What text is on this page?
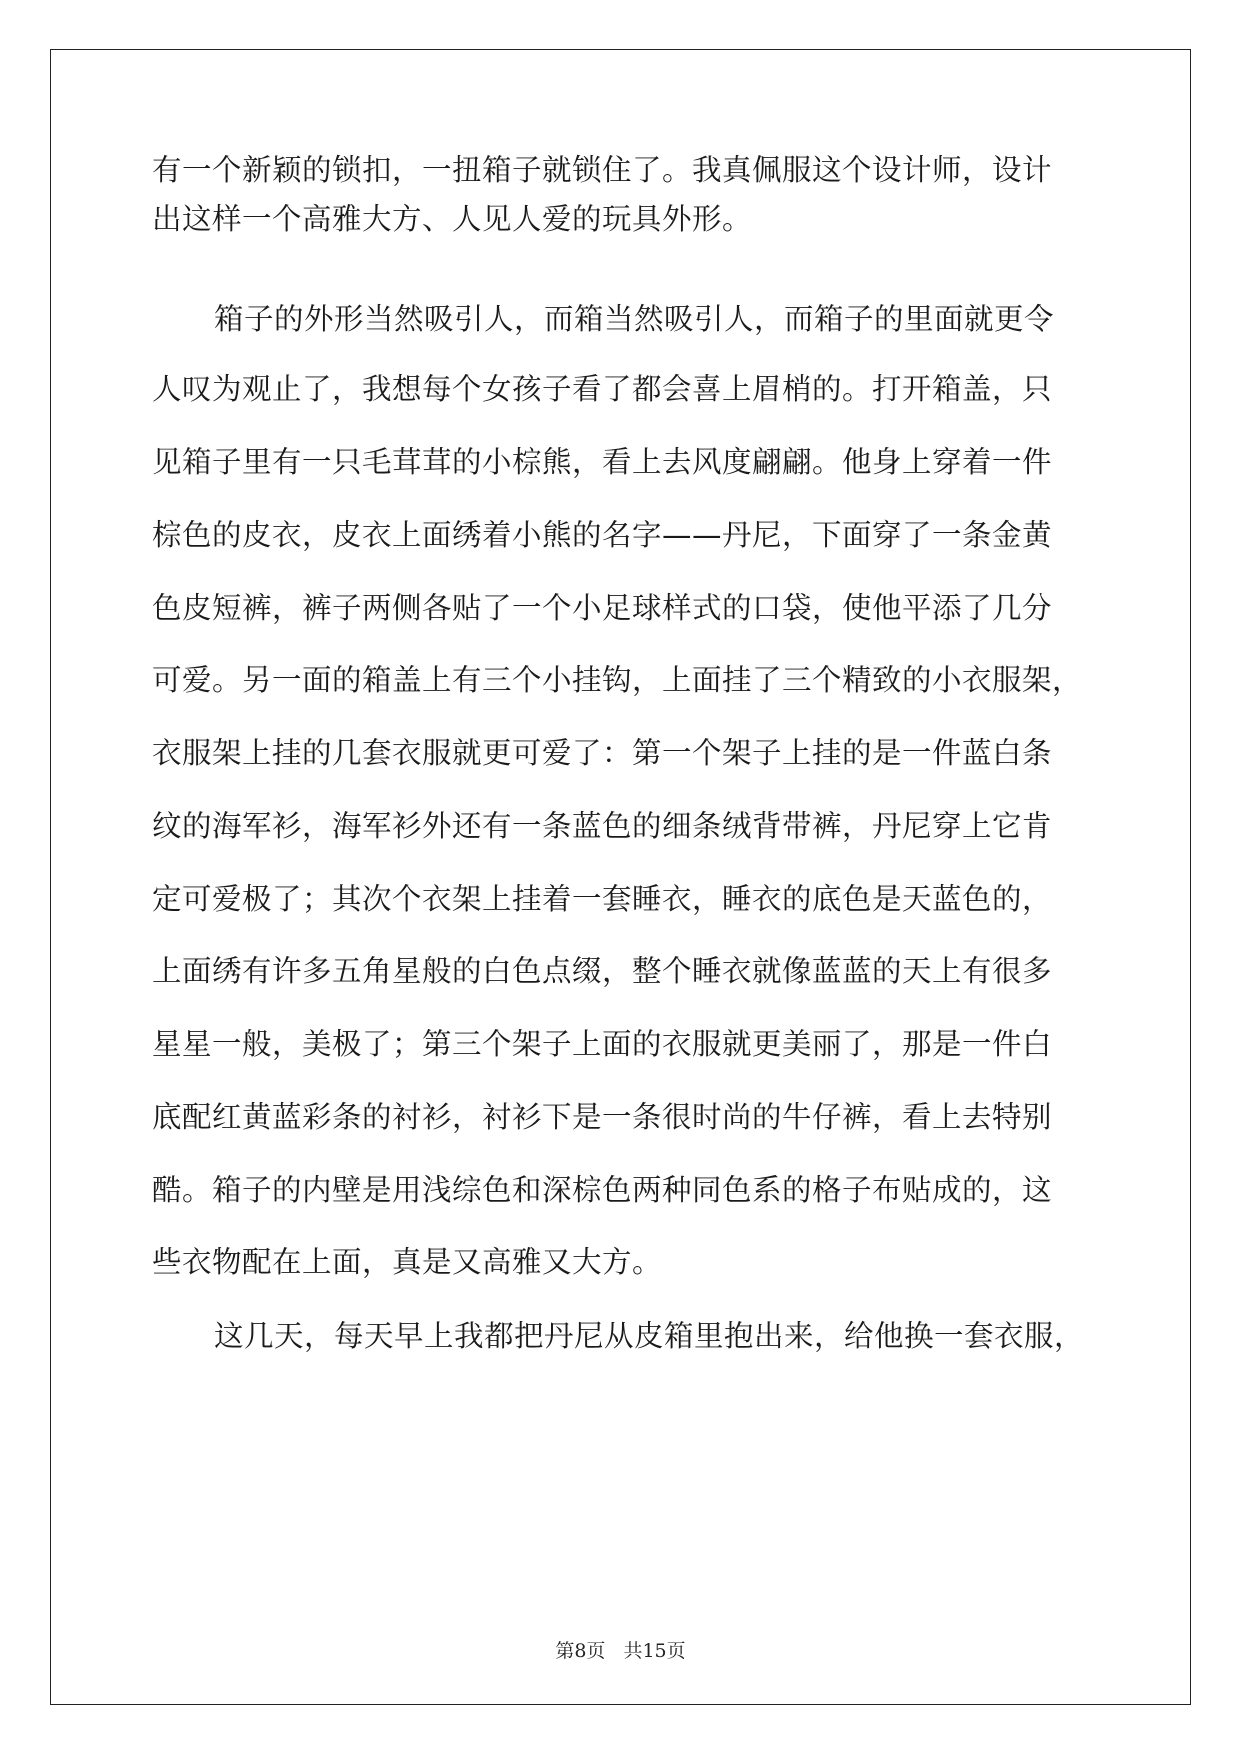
有一个新颖的锁扣，一扭箱子就锁住了。我真佩服这个设计师，设计
出这样一个高雅大方、人见人爱的玩具外形。
箱子的外形当然吸引人，而箱当然吸引人，而箱子的里面就更令
人叹为观止了，我想每个女孩子看了都会喜上眉梢的。打开箱盖，只
见箱子里有一只毛茸茸的小棕熊，看上去风度翩翩。他身上穿着一件
棕色的皮衣，皮衣上面绣着小熊的名字——丹尼，下面穿了一条金黄
色皮短裤，裤子两侧各贴了一个小足球样式的口袋，使他平添了几分
可爱。另一面的箱盖上有三个小挂钩，上面挂了三个精致的小衣服架，
衣服架上挂的几套衣服就更可爱了：第一个架子上挂的是一件蓝白条
纹的海军衫，海军衫外还有一条蓝色的细条绒背带裤，丹尼穿上它肯
定可爱极了；其次个衣架上挂着一套睡衣，睡衣的底色是天蓝色的，
上面绣有许多五角星般的白色点缀，整个睡衣就像蓝蓝的天上有很多
星星一般，美极了；第三个架子上面的衣服就更美丽了，那是一件白
底配红黄蓝彩条的衬衫，衬衫下是一条很时尚的牛仔裤，看上去特别
酷。箱子的内壁是用浅综色和深棕色两种同色系的格子布贴成的，这
些衣物配在上面，真是又高雅又大方。
这几天，每天早上我都把丹尼从皮箱里抱出来，给他换一套衣服，
第8页 共15页
